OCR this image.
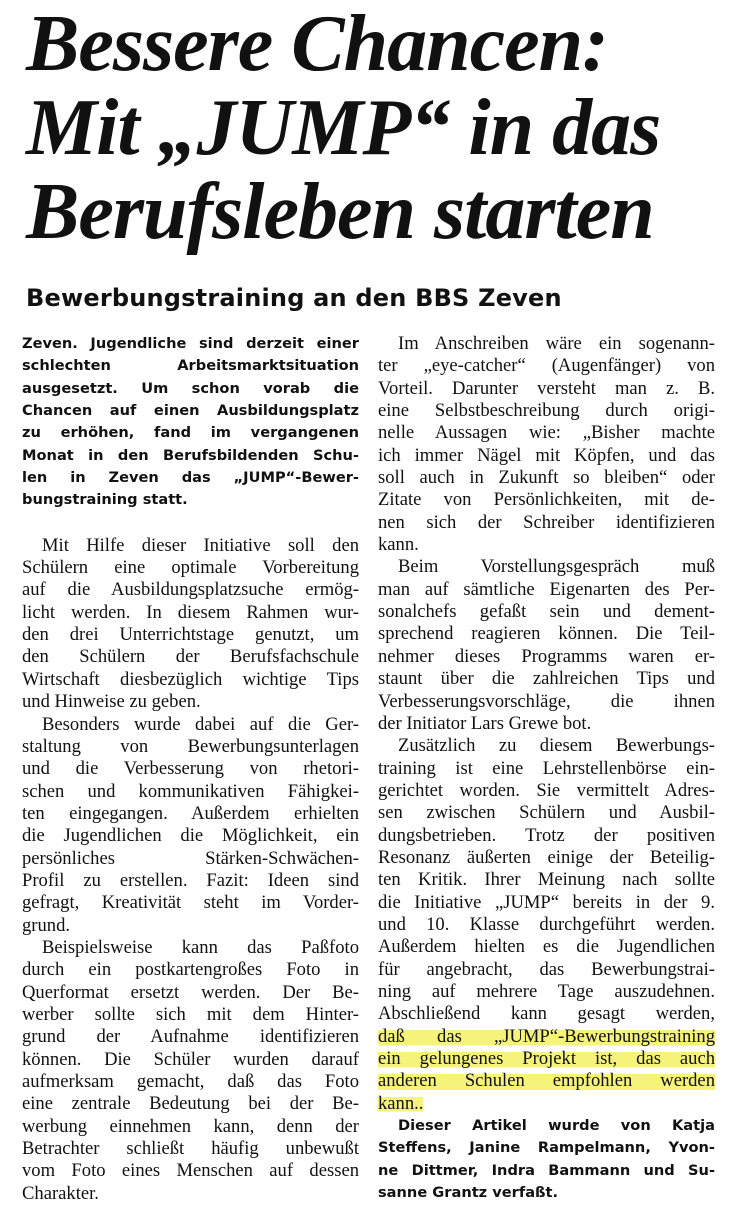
Bessere Chancen:
Mit „JUMP“ in das
Berufsleben starten
Bewerbungstraining an den BBS Zeven
Zeven. Jugendliche sind derzeit einer
schlechten Arbeitsmarktsituation
ausgesetzt. Um schon vorab die
Chancen auf einen Ausbildungsplatz
zu erhöhen, fand im vergangenen
Monat in den Berufsbildenden Schu-
len in Zeven das „JUMP“-Bewer-
bungstraining statt.
Mit Hilfe dieser Initiative soll den
Schülern eine optimale Vorbereitung
auf die Ausbildungsplatzsuche ermög-
licht werden. In diesem Rahmen wur-
den drei Unterrichtstage genutzt, um
den Schülern der Berufsfachschule
Wirtschaft diesbezüglich wichtige Tips
und Hinweise zu geben.
Besonders wurde dabei auf die Ger-
staltung von Bewerbungsunterlagen
und die Verbesserung von rhetori-
schen und kommunikativen Fähigkei-
ten eingegangen. Außerdem erhielten
die Jugendlichen die Möglichkeit, ein
persönliches Stärken-Schwächen-
Profil zu erstellen. Fazit: Ideen sind
gefragt, Kreativität steht im Vorder-
grund.
Beispielsweise kann das Paßfoto
durch ein postkartengroßes Foto in
Querformat ersetzt werden. Der Be-
werber sollte sich mit dem Hinter-
grund der Aufnahme identifizieren
können. Die Schüler wurden darauf
aufmerksam gemacht, daß das Foto
eine zentrale Bedeutung bei der Be-
werbung einnehmen kann, denn der
Betrachter schließt häufig unbewußt
vom Foto eines Menschen auf dessen
Charakter.
Im Anschreiben wäre ein sogenann-
ter „eye-catcher“ (Augenfänger) von
Vorteil. Darunter versteht man z. B.
eine Selbstbeschreibung durch origi-
nelle Aussagen wie: „Bisher machte
ich immer Nägel mit Köpfen, und das
soll auch in Zukunft so bleiben“ oder
Zitate von Persönlichkeiten, mit de-
nen sich der Schreiber identifizieren
kann.
Beim Vorstellungsgespräch muß
man auf sämtliche Eigenarten des Per-
sonalchefs gefaßt sein und dement-
sprechend reagieren können. Die Teil-
nehmer dieses Programms waren er-
staunt über die zahlreichen Tips und
Verbesserungsvorschläge, die ihnen
der Initiator Lars Grewe bot.
Zusätzlich zu diesem Bewerbungs-
training ist eine Lehrstellenbörse ein-
gerichtet worden. Sie vermittelt Adres-
sen zwischen Schülern und Ausbil-
dungsbetrieben. Trotz der positiven
Resonanz äußerten einige der Beteilig-
ten Kritik. Ihrer Meinung nach sollte
die Initiative „JUMP“ bereits in der 9.
und 10. Klasse durchgeführt werden.
Außerdem hielten es die Jugendlichen
für angebracht, das Bewerbungstrai-
ning auf mehrere Tage auszudehnen.
Abschließend kann gesagt werden,
daß das „JUMP“-Bewerbungstraining
ein gelungenes Projekt ist, das auch
anderen Schulen empfohlen werden
kann..
Dieser Artikel wurde von Katja
Steffens, Janine Rampelmann, Yvon-
ne Dittmer, Indra Bammann und Su-
sanne Grantz verfaßt.
